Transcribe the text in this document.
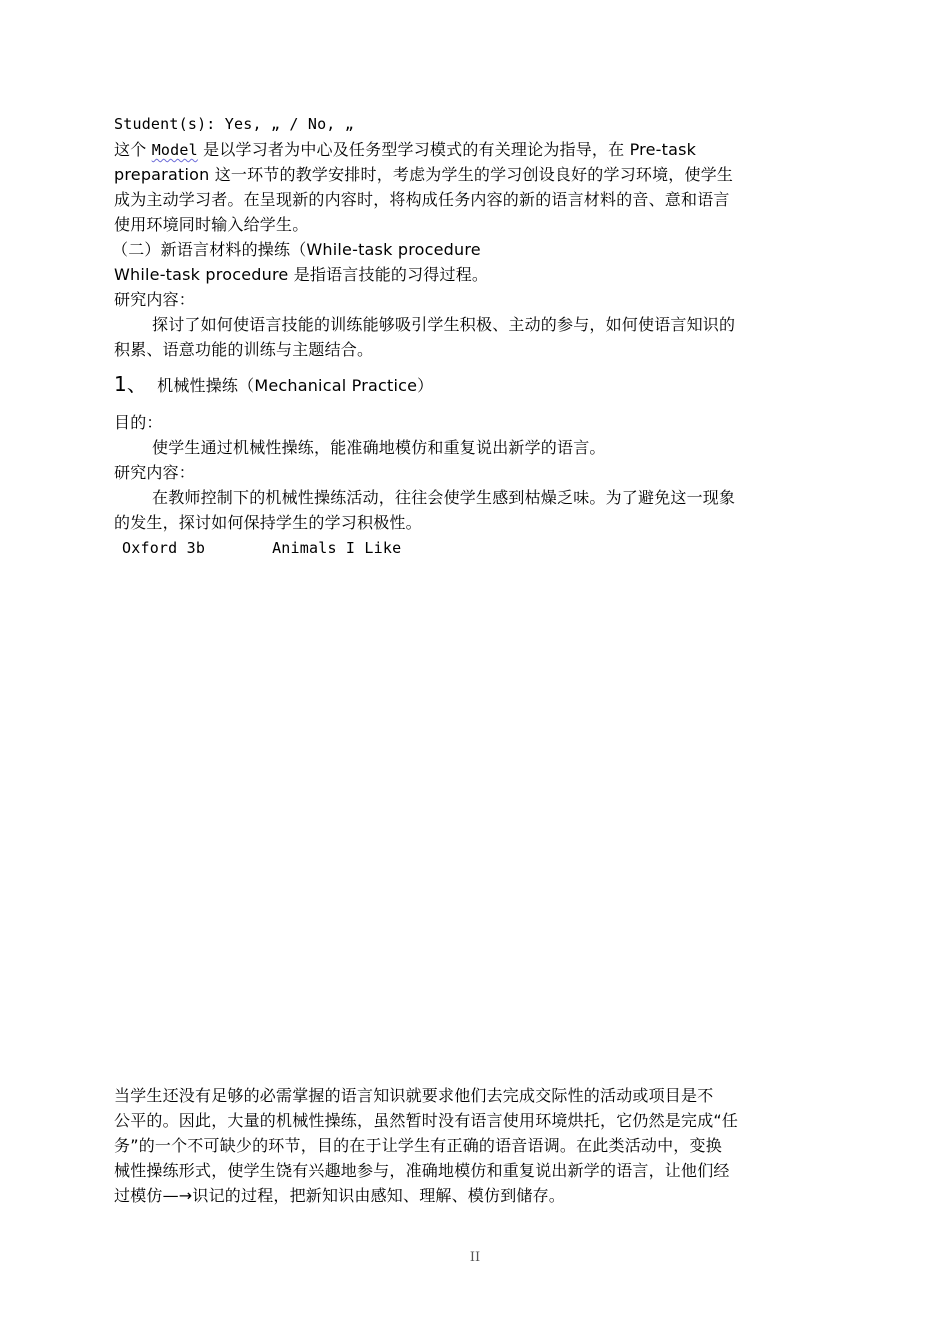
Student(s): Yes, „ / No, „
这个 Model 是以学习者为中心及任务型学习模式的有关理论为指导，在 Pre-task
preparation 这一环节的教学安排时，考虑为学生的学习创设良好的学习环境，使学生
成为主动学习者。在呈现新的内容时，将构成任务内容的新的语言材料的音、意和语言
使用环境同时输入给学生。
（二）新语言材料的操练（While-task procedure
While-task procedure 是指语言技能的习得过程。
研究内容：
探讨了如何使语言技能的训练能够吸引学生积极、主动的参与，如何使语言知识的
积累、语意功能的训练与主题结合。
1、 机械性操练（Mechanical Practice）
目的：
使学生通过机械性操练，能准确地模仿和重复说出新学的语言。
研究内容：
在教师控制下的机械性操练活动，往往会使学生感到枯燥乏味。为了避免这一现象
的发生，探讨如何保持学生的学习积极性。
Oxford 3b	Animals I Like
当学生还没有足够的必需掌握的语言知识就要求他们去完成交际性的活动或项目是不
公平的。因此，大量的机械性操练，虽然暂时没有语言使用环境烘托，它仍然是完成“任
务”的一个不可缺少的环节，目的在于让学生有正确的语音语调。在此类活动中，变换
械性操练形式，使学生饶有兴趣地参与，准确地模仿和重复说出新学的语言，让他们经
过模仿—→识记的过程，把新知识由感知、理解、模仿到储存。
II
